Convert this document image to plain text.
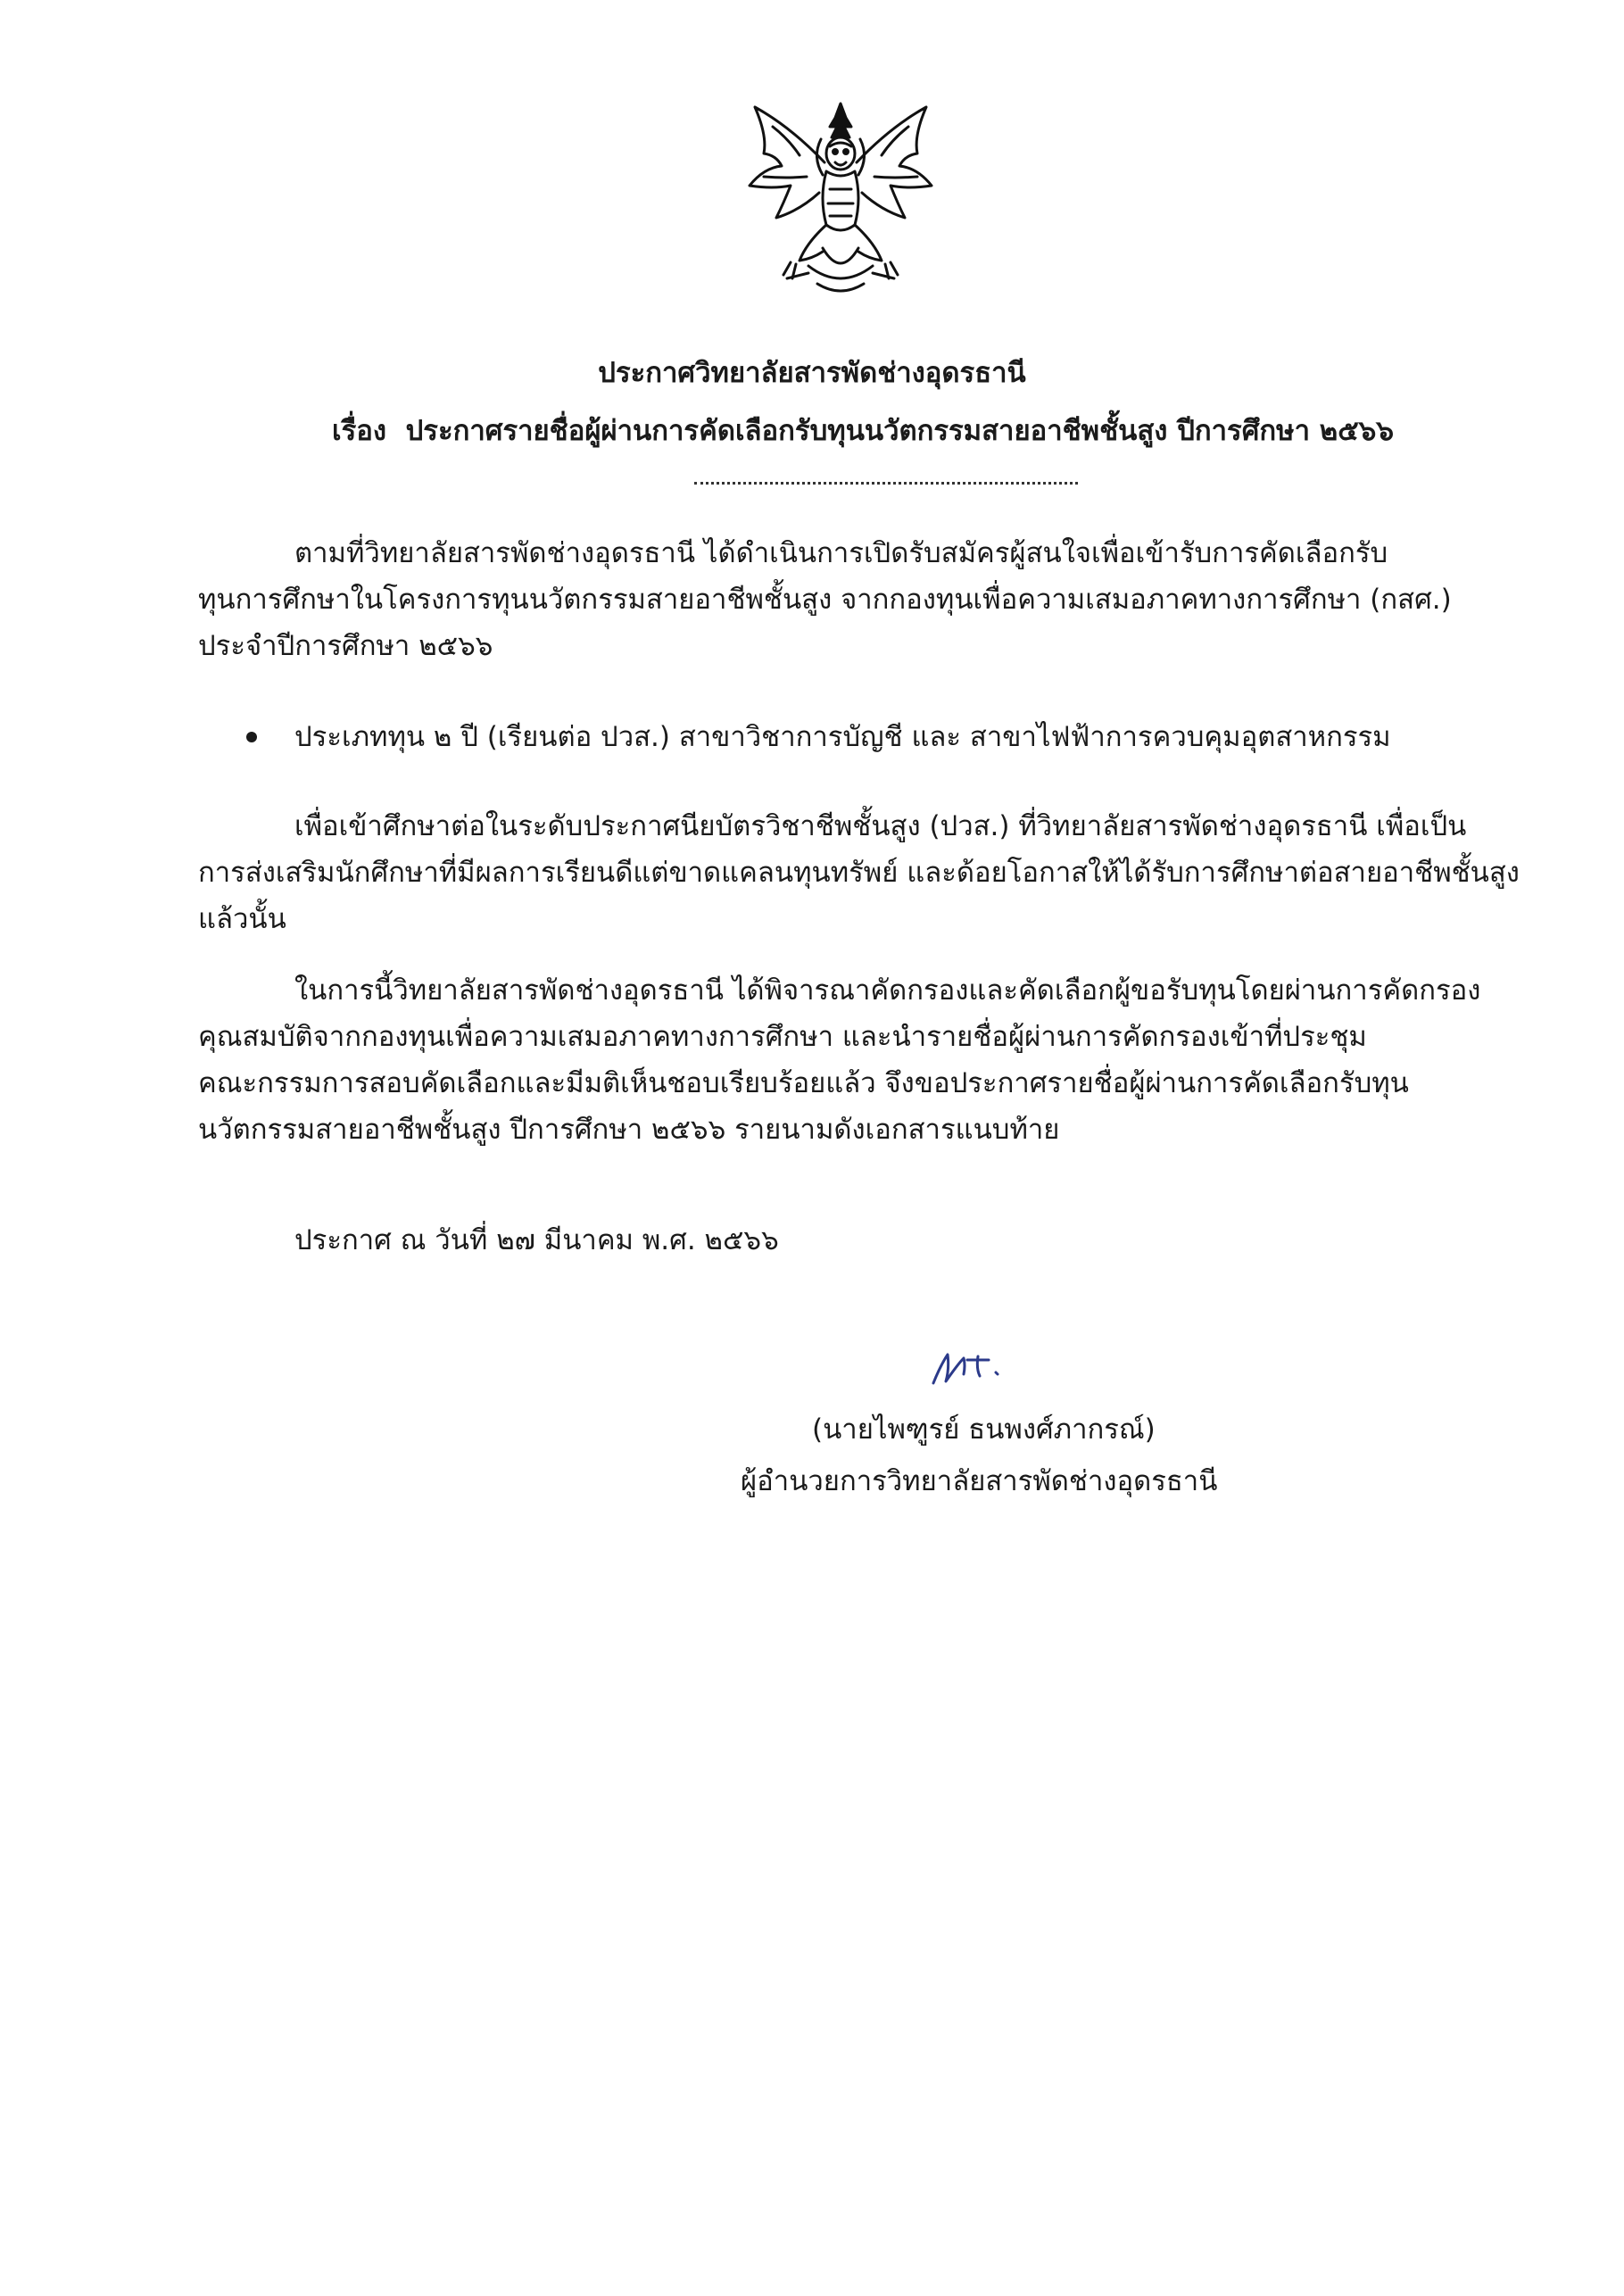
ประกาศวิทยาลัยสารพัดช่างอุดรธานี
เรื่อง ประกาศรายชื่อผู้ผ่านการคัดเลือกรับทุนนวัตกรรมสายอาชีพชั้นสูง ปีการศึกษา ๒๕๖๖
ตามที่วิทยาลัยสารพัดช่างอุดรธานี ได้ดำเนินการเปิดรับสมัครผู้สนใจเพื่อเข้ารับการคัดเลือกรับ
ทุนการศึกษาในโครงการทุนนวัตกรรมสายอาชีพชั้นสูง จากกองทุนเพื่อความเสมอภาคทางการศึกษา (กสศ.)
ประจำปีการศึกษา ๒๕๖๖
ประเภททุน ๒ ปี (เรียนต่อ ปวส.) สาขาวิชาการบัญชี และ สาขาไฟฟ้าการควบคุมอุตสาหกรรม
เพื่อเข้าศึกษาต่อในระดับประกาศนียบัตรวิชาชีพชั้นสูง (ปวส.) ที่วิทยาลัยสารพัดช่างอุดรธานี เพื่อเป็น
การส่งเสริมนักศึกษาที่มีผลการเรียนดีแต่ขาดแคลนทุนทรัพย์ และด้อยโอกาสให้ได้รับการศึกษาต่อสายอาชีพชั้นสูง
แล้วนั้น
ในการนี้วิทยาลัยสารพัดช่างอุดรธานี ได้พิจารณาคัดกรองและคัดเลือกผู้ขอรับทุนโดยผ่านการคัดกรอง
คุณสมบัติจากกองทุนเพื่อความเสมอภาคทางการศึกษา และนำรายชื่อผู้ผ่านการคัดกรองเข้าที่ประชุม
คณะกรรมการสอบคัดเลือกและมีมติเห็นชอบเรียบร้อยแล้ว จึงขอประกาศรายชื่อผู้ผ่านการคัดเลือกรับทุน
นวัตกรรมสายอาชีพชั้นสูง ปีการศึกษา ๒๕๖๖ รายนามดังเอกสารแนบท้าย
ประกาศ ณ วันที่ ๒๗ มีนาคม พ.ศ. ๒๕๖๖
(นายไพฑูรย์ ธนพงศ์ภากรณ์)
ผู้อำนวยการวิทยาลัยสารพัดช่างอุดรธานี
